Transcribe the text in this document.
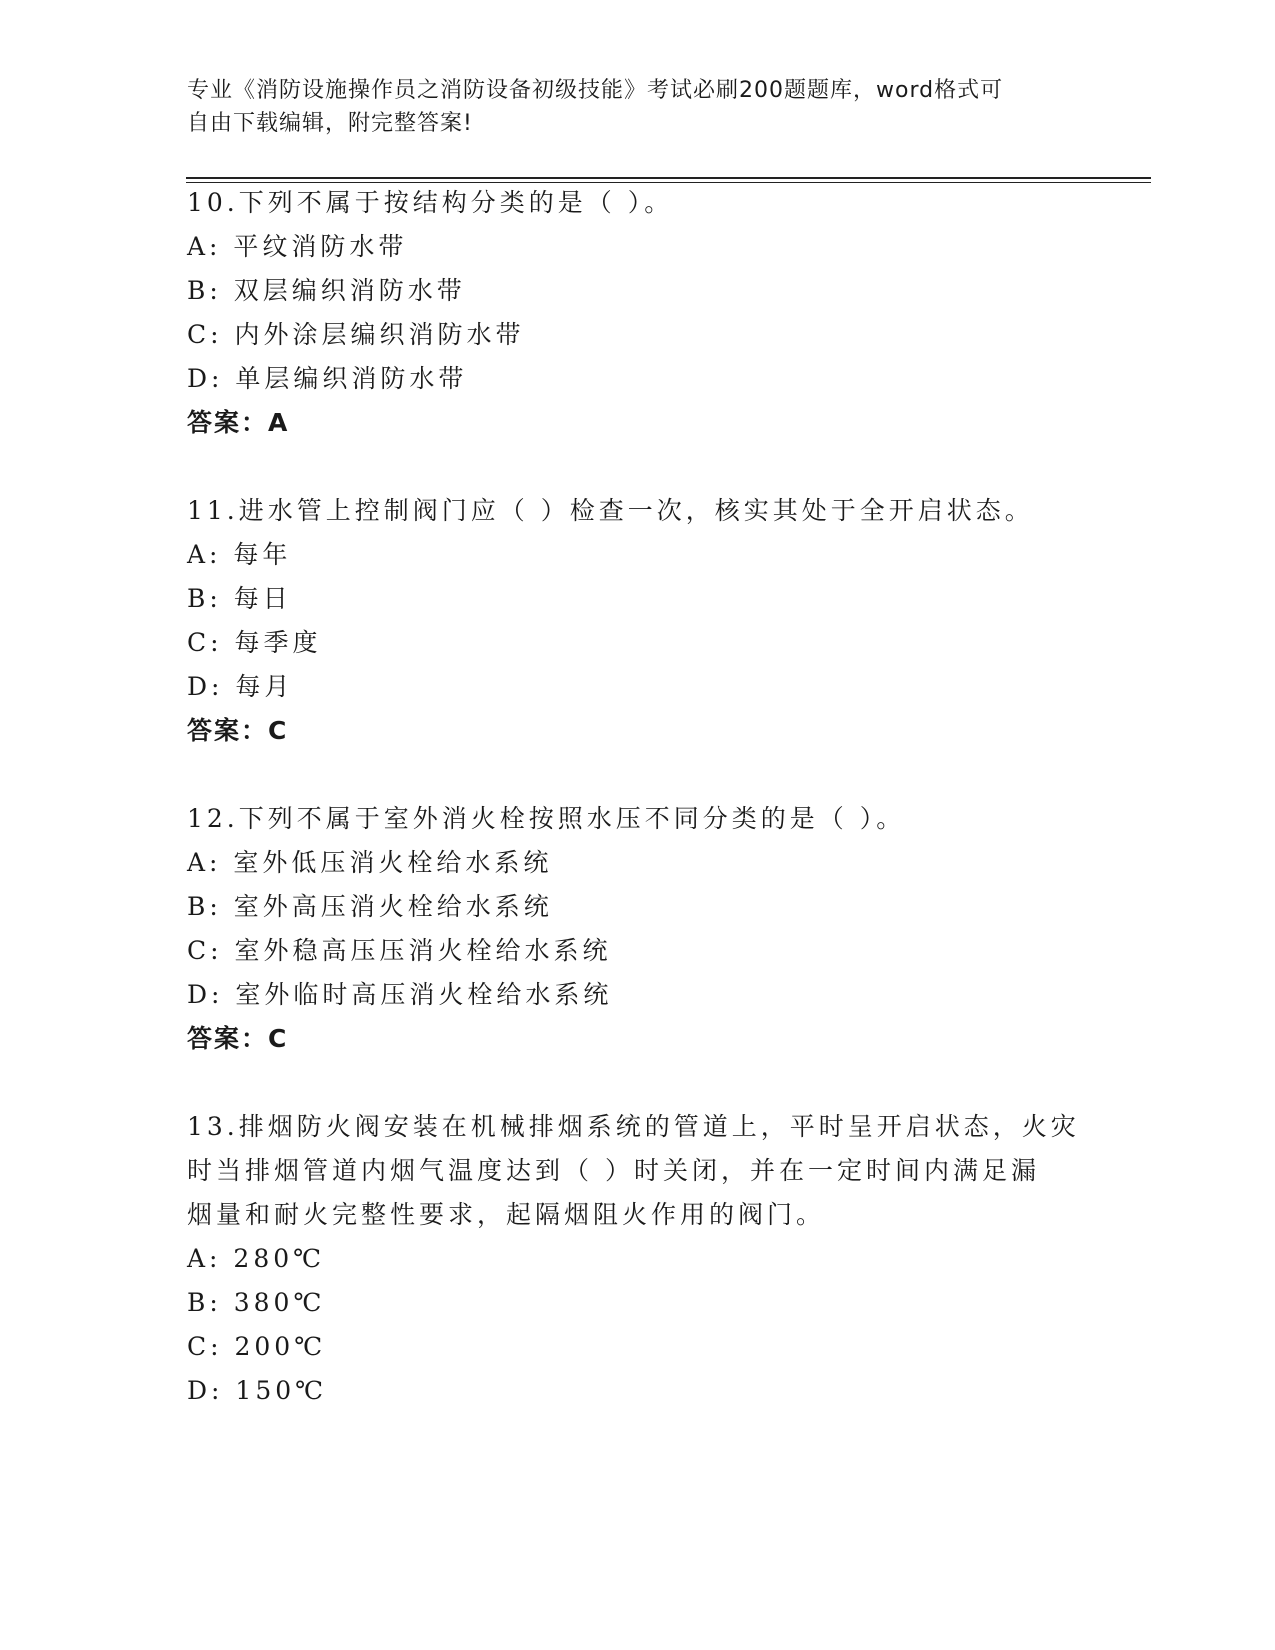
专业《消防设施操作员之消防设备初级技能》考试必刷200题题库，word格式可
自由下载编辑，附完整答案!
10.下列不属于按结构分类的是（ ）。
A: 平纹消防水带
B: 双层编织消防水带
C: 内外涂层编织消防水带
D: 单层编织消防水带
答案：A
11.进水管上控制阀门应（ ）检查一次，核实其处于全开启状态。
A: 每年
B: 每日
C: 每季度
D: 每月
答案：C
12.下列不属于室外消火栓按照水压不同分类的是（ ）。
A: 室外低压消火栓给水系统
B: 室外高压消火栓给水系统
C: 室外稳高压压消火栓给水系统
D: 室外临时高压消火栓给水系统
答案：C
13.排烟防火阀安装在机械排烟系统的管道上，平时呈开启状态，火灾
时当排烟管道内烟气温度达到（ ）时关闭，并在一定时间内满足漏
烟量和耐火完整性要求，起隔烟阻火作用的阀门。
A: 280℃
B: 380℃
C: 200℃
D: 150℃
